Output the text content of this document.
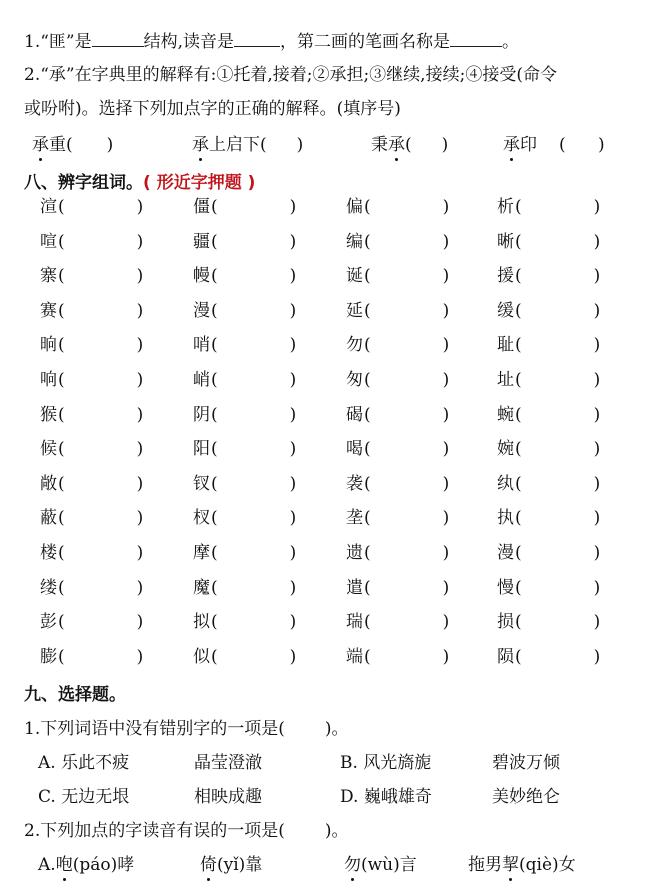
1.“匪”是	结构,读音是	，第二画的笔画名称是	。
2.“承”在字典里的解释有:①托着,接着;②承担;③继续,接续;④接受(命令
或吩咐)。选择下列加点字的正确的解释。(填序号)
承重( )	承上启下( )	秉承( )	承印 (      )
八、辨字组词。( 形近字押题 )
渲(	)	僵(	)	偏(	)	析(	)
喧(	)	疆(	)	编(	)	晰(	)
寨(	)	幔(	)	诞(	)	援(	)
赛(	)	漫(	)	延(	)	缓(	)
晌(	)	哨(	)	勿(	)	耻(	)
响(	)	峭(	)	匆(	)	址(	)
猴(	)	阴(	)	碣(	)	蜿(	)
候(	)	阳(	)	喝(	)	婉(	)
敞(	)	钗(	)	袭(	)	纨(	)
蔽(	)	杈(	)	垄(	)	执(	)
楼(	)	摩(	)	遗(	)	漫(	)
缕(	)	魔(	)	遣(	)	慢(	)
彭(	)	拟(	)	瑞(	)	损(	)
膨(	)	似(	)	端(	)	陨(	)
九、选择题。
1.下列词语中没有错别字的一项是( )。
A. 乐此不疲	晶莹澄澈	B. 风光旖旎	碧波万倾
C. 无边无垠	相映成趣	D. 巍峨雄奇	美妙绝仑
2.下列加点的字读音有误的一项是( )。
A.咆(páo)哮	倚(yǐ)靠	勿(wù)言	拖男挈(qiè)女
